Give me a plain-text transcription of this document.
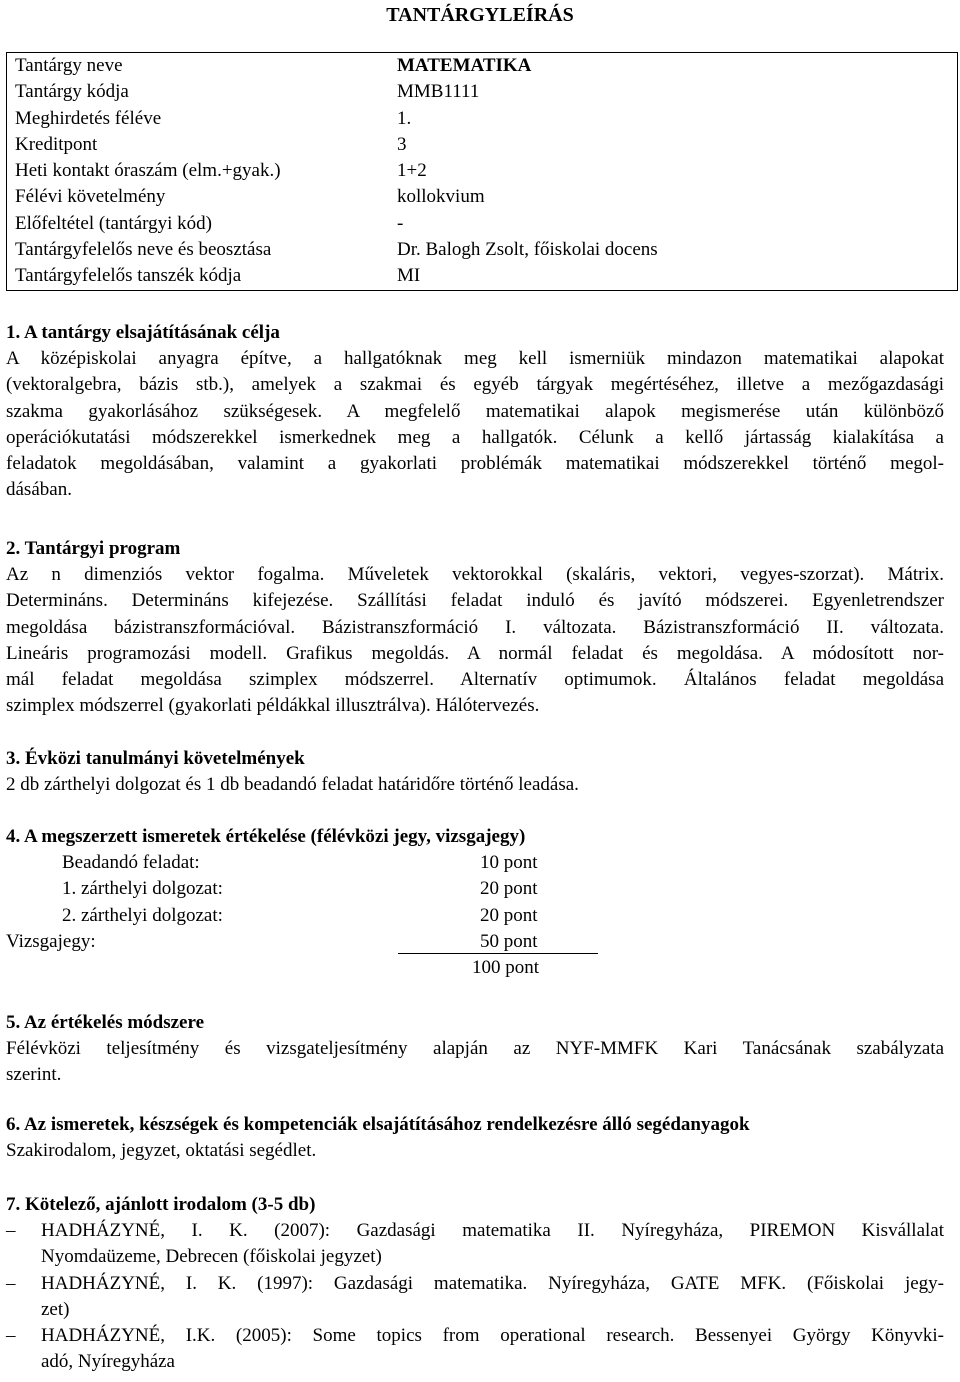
TANTÁRGYLEÍRÁS
Tantárgy neve	MATEMATIKA
Tantárgy kódja	MMB1111
Meghirdetés féléve	1.
Kreditpont	3
Heti kontakt óraszám (elm.+gyak.)	1+2
Félévi követelmény	kollokvium
Előfeltétel (tantárgyi kód)	-
Tantárgyfelelős neve és beosztása	Dr. Balogh Zsolt, főiskolai docens
Tantárgyfelelős tanszék kódja	MI
1. A tantárgy elsajátításának célja
A középiskolai anyagra építve, a hallgatóknak meg kell ismerniük mindazon matematikai alapokat
(vektoralgebra, bázis stb.), amelyek a szakmai és egyéb tárgyak megértéséhez, illetve a mezőgazdasági
szakma gyakorlásához szükségesek. A megfelelő matematikai alapok megismerése után különböző
operációkutatási módszerekkel ismerkednek meg a hallgatók. Célunk a kellő jártasság kialakítása a
feladatok megoldásában, valamint a gyakorlati problémák matematikai módszerekkel történő megol-
dásában.
2. Tantárgyi program
Az n dimenziós vektor fogalma. Műveletek vektorokkal (skaláris, vektori, vegyes-szorzat). Mátrix.
Determináns. Determináns kifejezése. Szállítási feladat induló és javító módszerei. Egyenletrendszer
megoldása bázistranszformációval. Bázistranszformáció I. változata. Bázistranszformáció II. változata.
Lineáris programozási modell. Grafikus megoldás. A normál feladat és megoldása. A módosított nor-
mál feladat megoldása szimplex módszerrel. Alternatív optimumok. Általános feladat megoldása
szimplex módszerrel (gyakorlati példákkal illusztrálva). Hálótervezés.
3. Évközi tanulmányi követelmények
2 db zárthelyi dolgozat és 1 db beadandó feladat határidőre történő leadása.
4. A megszerzett ismeretek értékelése (félévközi jegy, vizsgajegy)
Beadandó feladat:	10 pont
1. zárthelyi dolgozat:	20 pont
2. zárthelyi dolgozat:	20 pont
Vizsgajegy:	50 pont
100 pont
5. Az értékelés módszere
Félévközi teljesítmény és vizsgateljesítmény alapján az NYF-MMFK Kari Tanácsának szabályzata
szerint.
6. Az ismeretek, készségek és kompetenciák elsajátításához rendelkezésre álló segédanyagok
Szakirodalom, jegyzet, oktatási segédlet.
7. Kötelező, ajánlott irodalom (3-5 db)
– HADHÁZYNÉ, I. K. (2007): Gazdasági matematika II. Nyíregyháza, PIREMON Kisvállalat
Nyomdaüzeme, Debrecen (főiskolai jegyzet)
– HADHÁZYNÉ, I. K. (1997): Gazdasági matematika. Nyíregyháza, GATE MFK. (Főiskolai jegy-
zet)
– HADHÁZYNÉ, I.K. (2005): Some topics from operational research. Bessenyei György Könyvki-
adó, Nyíregyháza
